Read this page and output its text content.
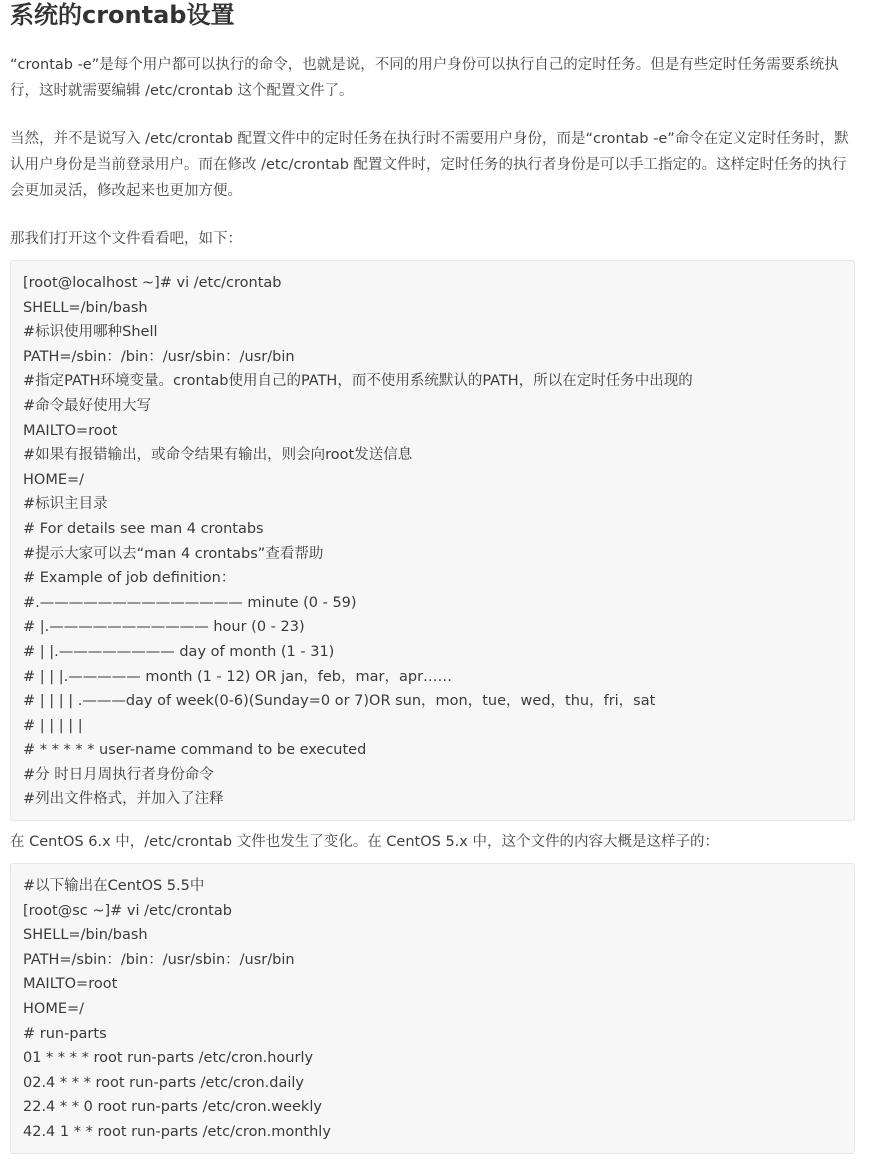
系统的crontab设置

“crontab -e”是每个用户都可以执行的命令，也就是说，不同的用户身份可以执行自己的定时任务。但是有些定时任务需要系统执行，这时就需要编辑 /etc/crontab 这个配置文件了。

当然，并不是说写入 /etc/crontab 配置文件中的定时任务在执行时不需要用户身份，而是“crontab -e”命令在定义定时任务时，默认用户身份是当前登录用户。而在修改 /etc/crontab 配置文件时，定时任务的执行者身份是可以手工指定的。这样定时任务的执行会更加灵活，修改起来也更加方便。

那我们打开这个文件看看吧，如下：

[root@localhost ~]# vi /etc/crontab
SHELL=/bin/bash
#标识使用哪种Shell
PATH=/sbin：/bin：/usr/sbin：/usr/bin
#指定PATH环境变量。crontab使用自己的PATH，而不使用系统默认的PATH，所以在定时任务中出现的
#命令最好使用大写
MAILTO=root
#如果有报错输出，或命令结果有输出，则会向root发送信息
HOME=/
#标识主目录
# For details see man 4 crontabs
#提示大家可以去“man 4 crontabs”查看帮助
# Example of job definition：
#.—————————————— minute (0 - 59)
# |.——————————— hour (0 - 23)
# | |.———————— day of month (1 - 31)
# | | |.————— month (1 - 12) OR jan，feb，mar，apr……
# | | | | .———day of week(0-6)(Sunday=0 or 7)OR sun，mon，tue，wed，thu，fri，sat
# | | | | |
# * * * * * user-name command to be executed
#分 时日月周执行者身份命令
#列出文件格式，并加入了注释

在 CentOS 6.x 中，/etc/crontab 文件也发生了变化。在 CentOS 5.x 中，这个文件的内容大概是这样子的：

#以下输出在CentOS 5.5中
[root@sc ~]# vi /etc/crontab
SHELL=/bin/bash
PATH=/sbin：/bin：/usr/sbin：/usr/bin
MAILTO=root
HOME=/
# run-parts
01 * * * * root run-parts /etc/cron.hourly
02.4 * * * root run-parts /etc/cron.daily
22.4 * * 0 root run-parts /etc/cron.weekly
42.4 1 * * root run-parts /etc/cron.monthly
